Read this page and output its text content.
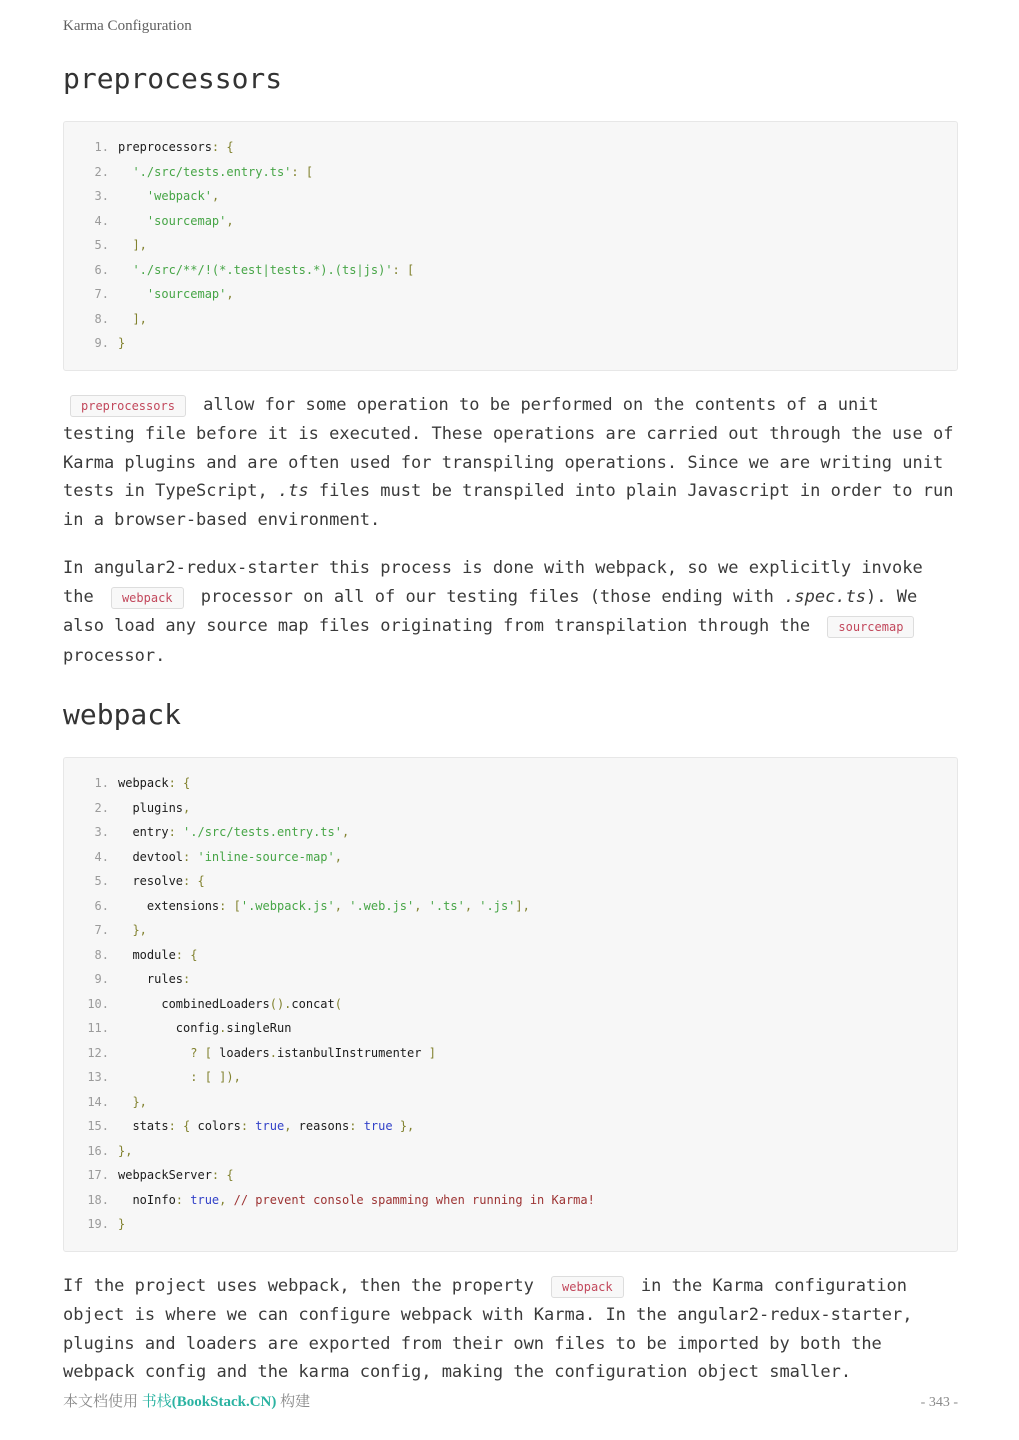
Karma Configuration
preprocessors
1. preprocessors: {
2.	'./src/tests.entry.ts': [
3.	'webpack',
4.	'sourcemap',
5.	],
6.	'./src/**/!(*.test|tests.*).(ts|js)': [
7.	'sourcemap',
8.	],
9. }

preprocessors allow for some operation to be performed on the contents of a unit testing file before it is executed. These operations are carried out through the use of Karma plugins and are often used for transpiling operations. Since we are writing unit tests in TypeScript, .ts files must be transpiled into plain Javascript in order to run in a browser-based environment.

In angular2-redux-starter this process is done with webpack, so we explicitly invoke the webpack processor on all of our testing files (those ending with .spec.ts). We also load any source map files originating from transpilation through the sourcemap processor.

webpack
1. webpack: {
2. plugins,
3. entry: './src/tests.entry.ts',
4. devtool: 'inline-source-map',
5. resolve: {
6. extensions: ['.webpack.js', '.web.js', '.ts', '.js'],
7.	},
8. module: {
9. rules:
10. combinedLoaders().concat(
11. config.singleRun
12.	? [ loaders.istanbulInstrumenter ]
13.	: [ ]),
14.	},
15. stats: { colors: true, reasons: true },
16. },
17. webpackServer: {
18. noInfo: true, // prevent console spamming when running in Karma!
19. }

If the project uses webpack, then the property webpack in the Karma configuration object is where we can configure webpack with Karma. In the angular2-redux-starter, plugins and loaders are exported from their own files to be imported by both the webpack config and the karma config, making the configuration object smaller.

本文档使用 书栈(BookStack.CN) 构建	- 343 -
